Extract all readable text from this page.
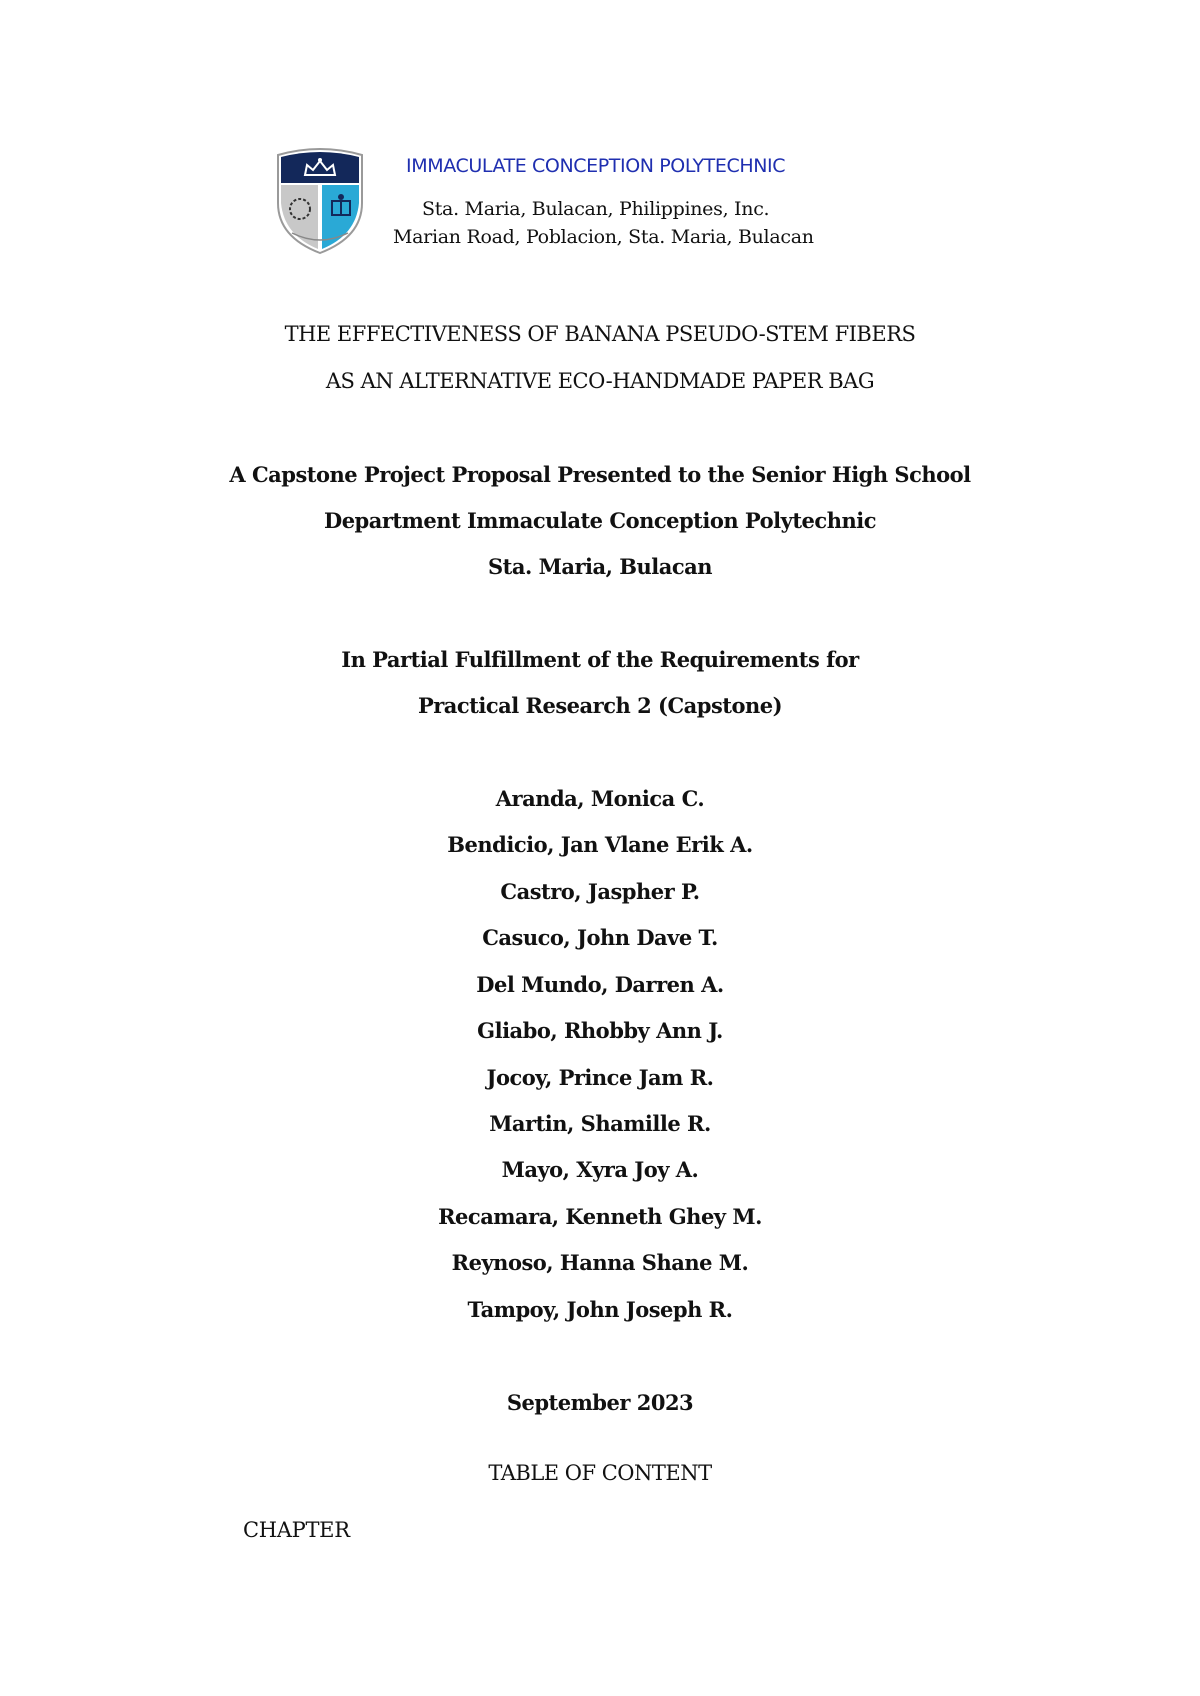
IMMACULATE CONCEPTION POLYTECHNIC
Sta. Maria, Bulacan, Philippines, Inc.
Marian Road, Poblacion, Sta. Maria, Bulacan
THE EFFECTIVENESS OF BANANA PSEUDO-STEM FIBERS
AS AN ALTERNATIVE ECO-HANDMADE PAPER BAG
A Capstone Project Proposal Presented to the Senior High School
Department Immaculate Conception Polytechnic
Sta. Maria, Bulacan
In Partial Fulfillment of the Requirements for
Practical Research 2 (Capstone)
Aranda, Monica C.
Bendicio, Jan Vlane Erik A.
Castro, Jaspher P.
Casuco, John Dave T.
Del Mundo, Darren A.
Gliabo, Rhobby Ann J.
Jocoy, Prince Jam R.
Martin, Shamille R.
Mayo, Xyra Joy A.
Recamara, Kenneth Ghey M.
Reynoso, Hanna Shane M.
Tampoy, John Joseph R.
September 2023
TABLE OF CONTENT
CHAPTER
